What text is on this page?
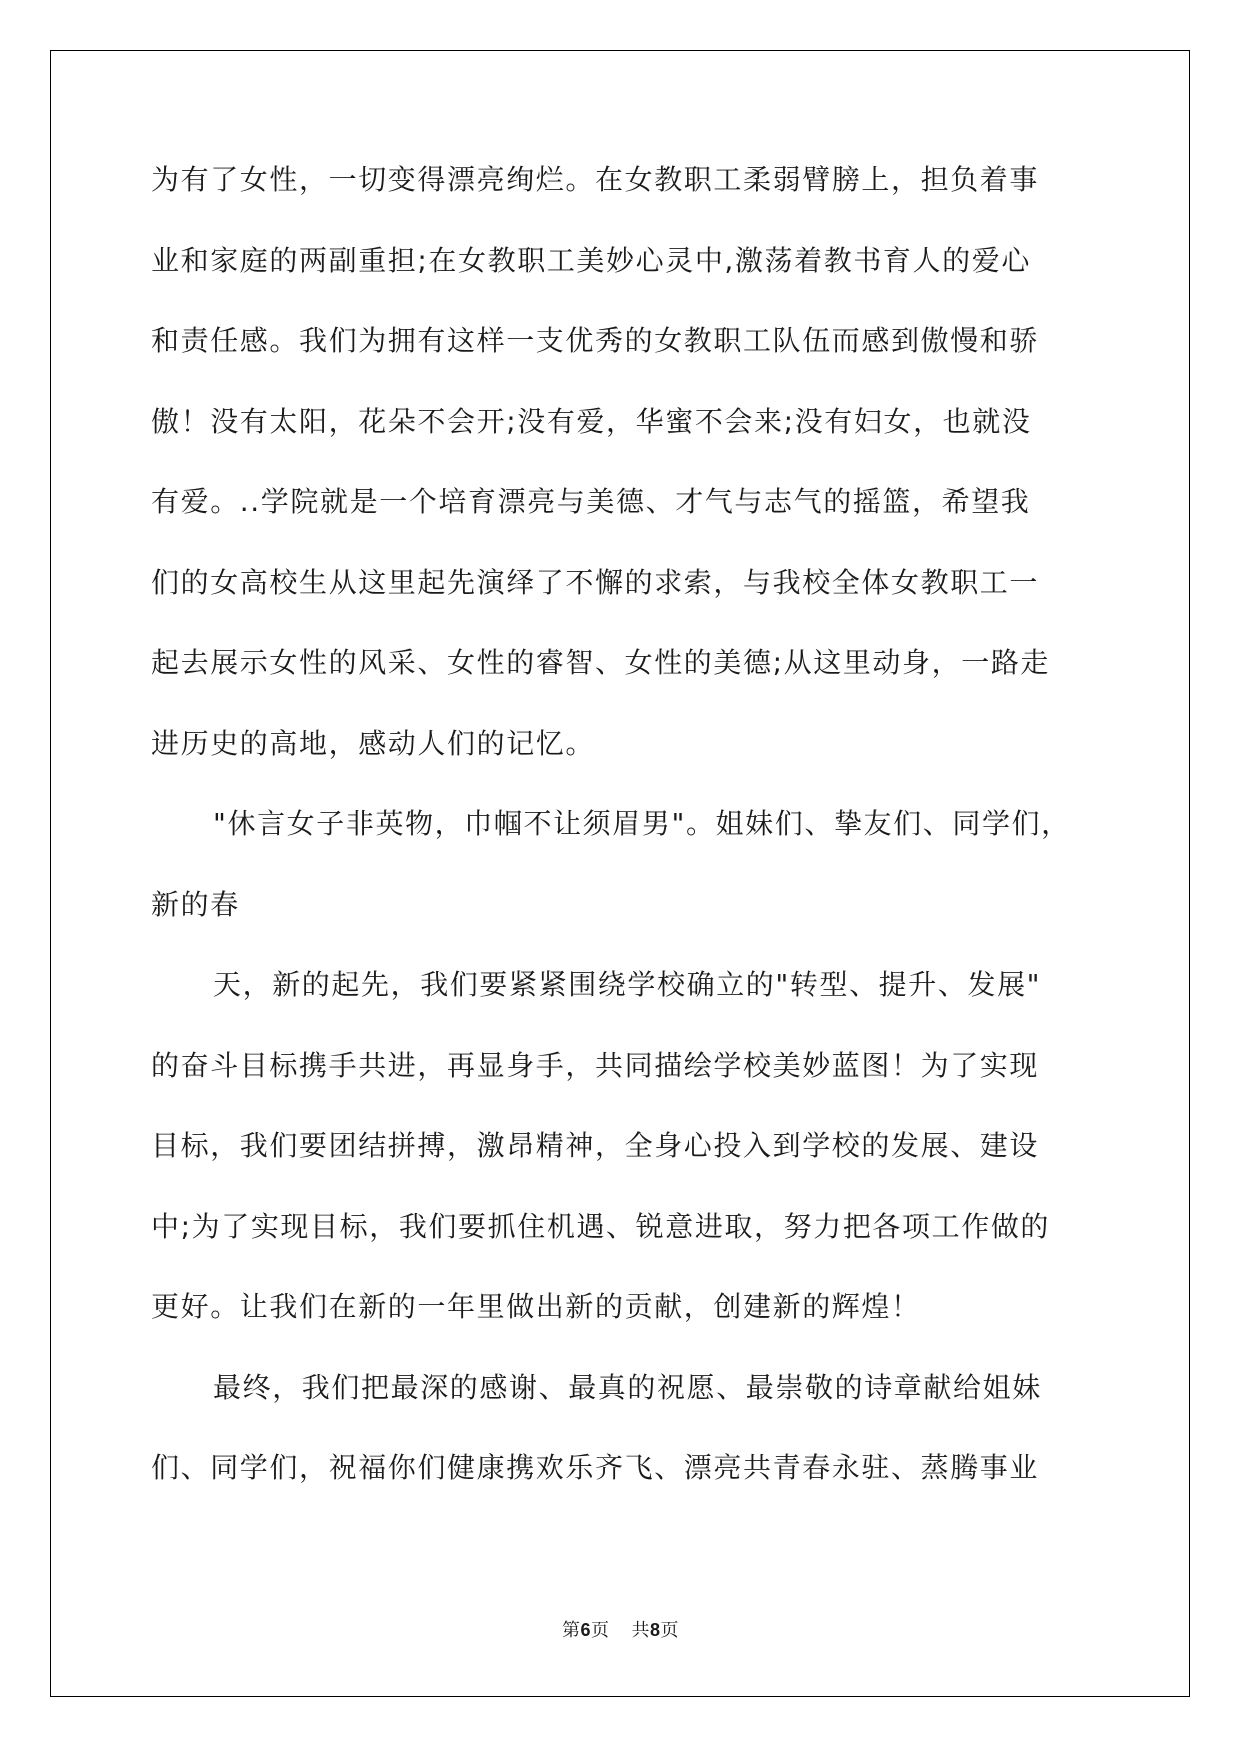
为有了女性，一切变得漂亮绚烂。在女教职工柔弱臂膀上，担负着事
业和家庭的两副重担;在女教职工美妙心灵中,激荡着教书育人的爱心
和责任感。我们为拥有这样一支优秀的女教职工队伍而感到傲慢和骄
傲！没有太阳，花朵不会开;没有爱，华蜜不会来;没有妇女，也就没
有爱。..学院就是一个培育漂亮与美德、才气与志气的摇篮，希望我
们的女高校生从这里起先演绎了不懈的求索，与我校全体女教职工一
起去展示女性的风采、女性的睿智、女性的美德;从这里动身，一路走
进历史的高地，感动人们的记忆。
"休言女子非英物，巾帼不让须眉男"。姐妹们、挚友们、同学们，
新的春
天，新的起先，我们要紧紧围绕学校确立的"转型、提升、发展"
的奋斗目标携手共进，再显身手，共同描绘学校美妙蓝图！为了实现
目标，我们要团结拼搏，激昂精神，全身心投入到学校的发展、建设
中;为了实现目标，我们要抓住机遇、锐意进取，努力把各项工作做的
更好。让我们在新的一年里做出新的贡献，创建新的辉煌！
最终，我们把最深的感谢、最真的祝愿、最崇敬的诗章献给姐妹
们、同学们，祝福你们健康携欢乐齐飞、漂亮共青春永驻、蒸腾事业
第6页 共8页
